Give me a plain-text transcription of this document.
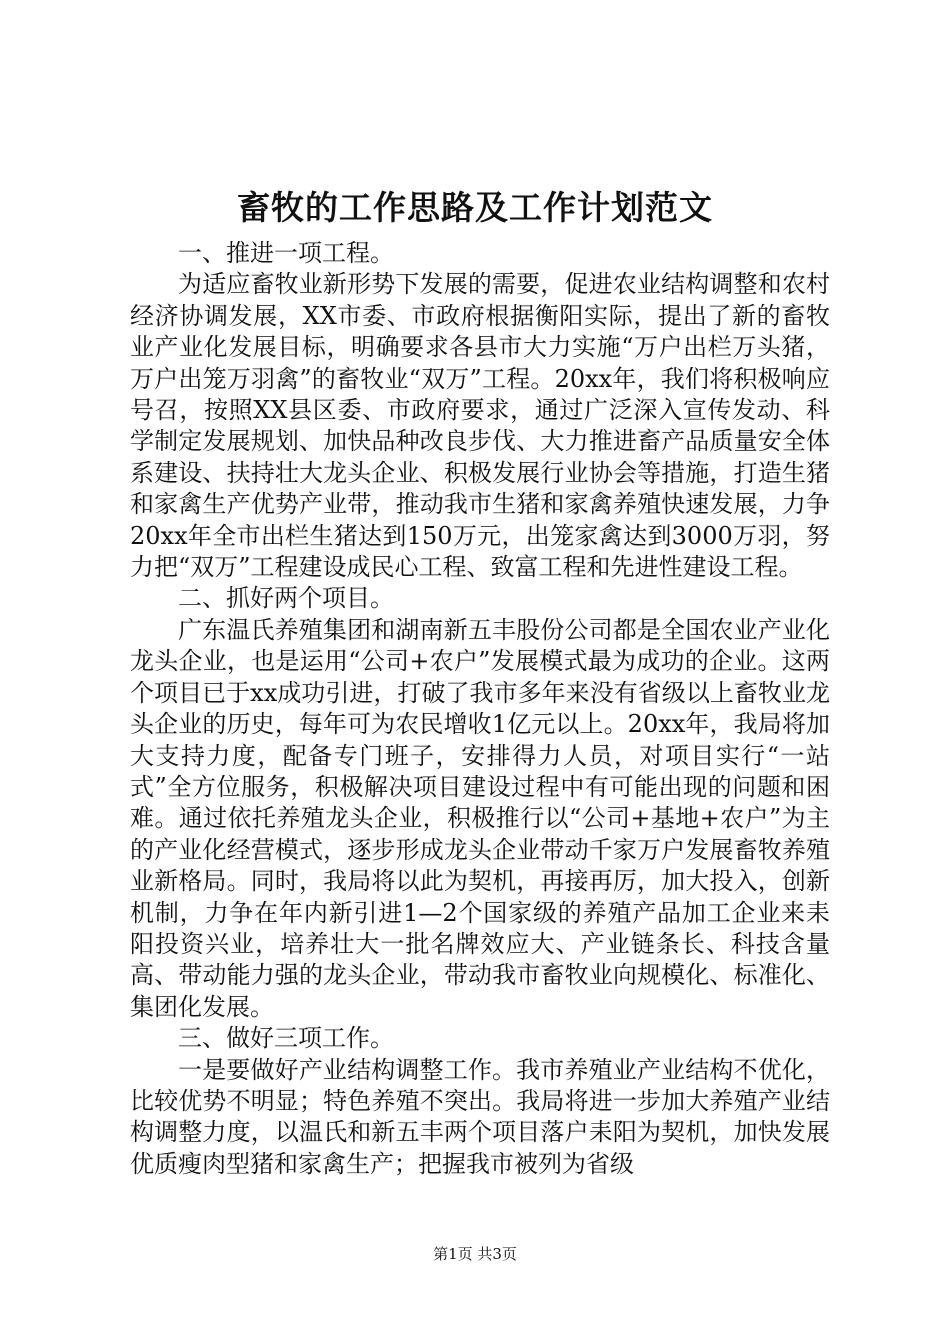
畜牧的工作思路及工作计划范文

一、推进一项工程。

为适应畜牧业新形势下发展的需要，促进农业结构调整和农村经济协调发展，XX市委、市政府根据衡阳实际，提出了新的畜牧业产业化发展目标，明确要求各县市大力实施“万户出栏万头猪，万户出笼万羽禽”的畜牧业“双万”工程。20xx年，我们将积极响应号召，按照XX县区委、市政府要求，通过广泛深入宣传发动、科学制定发展规划、加快品种改良步伐、大力推进畜产品质量安全体系建设、扶持壮大龙头企业、积极发展行业协会等措施，打造生猪和家禽生产优势产业带，推动我市生猪和家禽养殖快速发展，力争20xx年全市出栏生猪达到150万元，出笼家禽达到3000万羽，努力把“双万”工程建设成民心工程、致富工程和先进性建设工程。

二、抓好两个项目。

广东温氏养殖集团和湖南新五丰股份公司都是全国农业产业化龙头企业，也是运用“公司+农户”发展模式最为成功的企业。这两个项目已于xx成功引进，打破了我市多年来没有省级以上畜牧业龙头企业的历史，每年可为农民增收1亿元以上。20xx年，我局将加大支持力度，配备专门班子，安排得力人员，对项目实行“一站式”全方位服务，积极解决项目建设过程中有可能出现的问题和困难。通过依托养殖龙头企业，积极推行以“公司+基地+农户”为主的产业化经营模式，逐步形成龙头企业带动千家万户发展畜牧养殖业新格局。同时，我局将以此为契机，再接再厉，加大投入，创新机制，力争在年内新引进1—2个国家级的养殖产品加工企业来耒阳投资兴业，培养壮大一批名牌效应大、产业链条长、科技含量高、带动能力强的龙头企业，带动我市畜牧业向规模化、标准化、集团化发展。

三、做好三项工作。

一是要做好产业结构调整工作。我市养殖业产业结构不优化，比较优势不明显；特色养殖不突出。我局将进一步加大养殖产业结构调整力度，以温氏和新五丰两个项目落户耒阳为契机，加快发展优质瘦肉型猪和家禽生产；把握我市被列为省级

第1页 共3页
